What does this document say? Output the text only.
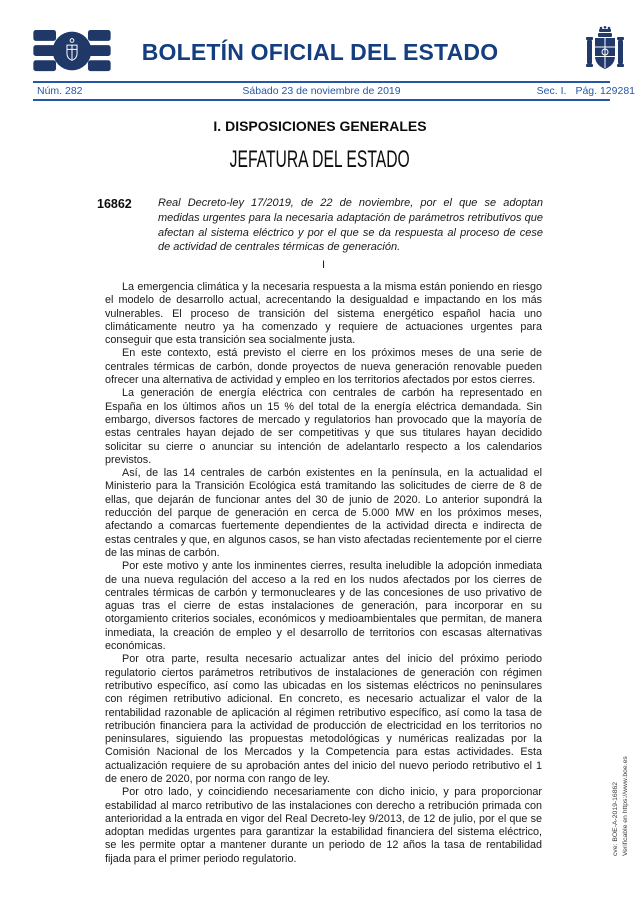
BOLETÍN OFICIAL DEL ESTADO
Núm. 282	Sábado 23 de noviembre de 2019	Sec. I. Pág. 129281
I. DISPOSICIONES GENERALES
JEFATURA DEL ESTADO
16862 Real Decreto-ley 17/2019, de 22 de noviembre, por el que se adoptan medidas urgentes para la necesaria adaptación de parámetros retributivos que afectan al sistema eléctrico y por el que se da respuesta al proceso de cese de actividad de centrales térmicas de generación.

I

La emergencia climática y la necesaria respuesta a la misma están poniendo en riesgo el modelo de desarrollo actual, acrecentando la desigualdad e impactando en los más vulnerables. El proceso de transición del sistema energético español hacia uno climáticamente neutro ya ha comenzado y requiere de actuaciones urgentes para conseguir que esta transición sea socialmente justa.

En este contexto, está previsto el cierre en los próximos meses de una serie de centrales térmicas de carbón, donde proyectos de nueva generación renovable pueden ofrecer una alternativa de actividad y empleo en los territorios afectados por estos cierres.

La generación de energía eléctrica con centrales de carbón ha representado en España en los últimos años un 15 % del total de la energía eléctrica demandada. Sin embargo, diversos factores de mercado y regulatorios han provocado que la mayoría de estas centrales hayan dejado de ser competitivas y que sus titulares hayan decidido solicitar su cierre o anunciar su intención de adelantarlo respecto a los calendarios previstos.

Así, de las 14 centrales de carbón existentes en la península, en la actualidad el Ministerio para la Transición Ecológica está tramitando las solicitudes de cierre de 8 de ellas, que dejarán de funcionar antes del 30 de junio de 2020. Lo anterior supondrá la reducción del parque de generación en cerca de 5.000 MW en los próximos meses, afectando a comarcas fuertemente dependientes de la actividad directa e indirecta de estas centrales y que, en algunos casos, se han visto afectadas recientemente por el cierre de las minas de carbón.

Por este motivo y ante los inminentes cierres, resulta ineludible la adopción inmediata de una nueva regulación del acceso a la red en los nudos afectados por los cierres de centrales térmicas de carbón y termonucleares y de las concesiones de uso privativo de aguas tras el cierre de estas instalaciones de generación, para incorporar en su otorgamiento criterios sociales, económicos y medioambientales que permitan, de manera inmediata, la creación de empleo y el desarrollo de territorios con escasas alternativas económicas.

Por otra parte, resulta necesario actualizar antes del inicio del próximo periodo regulatorio ciertos parámetros retributivos de instalaciones de generación con régimen retributivo específico, así como las ubicadas en los sistemas eléctricos no peninsulares con régimen retributivo adicional. En concreto, es necesario actualizar el valor de la rentabilidad razonable de aplicación al régimen retributivo específico, así como la tasa de retribución financiera para la actividad de producción de electricidad en los territorios no peninsulares, siguiendo las propuestas metodológicas y numéricas realizadas por la Comisión Nacional de los Mercados y la Competencia para estas actividades. Esta actualización requiere de su aprobación antes del inicio del nuevo periodo retributivo el 1 de enero de 2020, por norma con rango de ley.

Por otro lado, y coincidiendo necesariamente con dicho inicio, y para proporcionar estabilidad al marco retributivo de las instalaciones con derecho a retribución primada con anterioridad a la entrada en vigor del Real Decreto-ley 9/2013, de 12 de julio, por el que se adoptan medidas urgentes para garantizar la estabilidad financiera del sistema eléctrico, se les permite optar a mantener durante un periodo de 12 años la tasa de rentabilidad fijada para el primer periodo regulatorio.

cve: BOE-A-2019-16862 Verificable en https://www.boe.es
